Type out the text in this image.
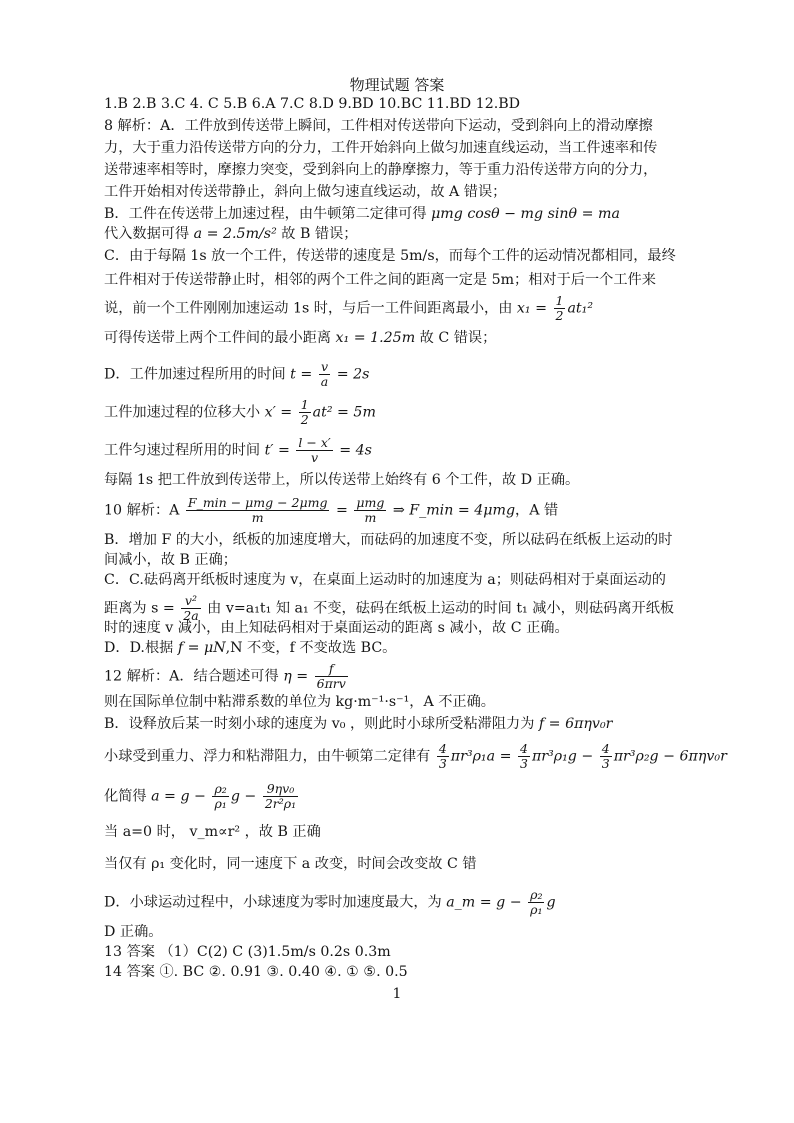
物理试题 答案
1.B 2.B 3.C 4. C 5.B 6.A 7.C 8.D 9.BD 10.BC 11.BD 12.BD
8 解析：A．工件放到传送带上瞬间，工件相对传送带向下运动，受到斜向上的滑动摩擦
力，大于重力沿传送带方向的分力，工件开始斜向上做匀加速直线运动，当工件速率和传
送带速率相等时，摩擦力突变，受到斜向上的静摩擦力，等于重力沿传送带方向的分力，
工件开始相对传送带静止，斜向上做匀速直线运动，故 A 错误；
B．工件在传送带上加速过程，由牛顿第二定律可得 μmg cosθ − mg sinθ = ma
代入数据可得 a = 2.5m/s² 故 B 错误；
C．由于每隔 1s 放一个工件，传送带的速度是 5m/s，而每个工件的运动情况都相同，最终
工件相对于传送带静止时，相邻的两个工件之间的距离一定是 5m；相对于后一个工件来
说，前一个工件刚刚加速运动 1s 时，与后一工件间距离最小，由 $x_1 = \frac{1}{2} at_1^2$
可得传送带上两个工件间的最小距离 x₁ = 1.25m 故 C 错误；
D．工件加速过程所用的时间 $t = \frac{v}{a} = 2s$
工件加速过程的位移大小 $x' = \frac{1}{2} at^2 = 5m$
工件匀速过程所用的时间 $t' = \frac{l - x'}{v} = 4s$
每隔 1s 把工件放到传送带上，所以传送带上始终有 6 个工件，故 D 正确。
10 解析：A $\frac{\text{F\_min − μmg − 2μmg}}{m} = \frac{\text{μmg}}{m}$ ⇒ F_min = 4μmg，A 错
B．增加 F 的大小，纸板的加速度增大，而砝码的加速度不变，所以砝码在纸板上运动的时
间减小，故 B 正确；
C．C.砝码离开纸板时速度为 v，在桌面上运动时的加速度为 a；则砝码相对于桌面运动的
距离为 $s = \frac{\text{v²}}{2a}$ 由 v=a₁t₁ 知 a₁ 不变，砝码在纸板上运动的时间 t₁ 减小，则砝码离开纸板
时的速度 v 减小，由上知砝码相对于桌面运动的距离 s 减小，故 C 正确。
D．D.根据 f = μN,N 不变，f 不变故选 BC。
12 解析：A．结合题述可得 $\eta = \frac{f}{\text{6πrv}}$
则在国际单位制中粘滞系数的单位为 kg·m⁻¹·s⁻¹，A 不正确。
B．设释放后某一时刻小球的速度为 v₀ ，则此时小球所受粘滞阻力为 f = 6πηv₀r
小球受到重力、浮力和粘滞阻力，由牛顿第二定律有 $\frac{4}{3} \pi r^3\rho_1a = \frac{4}{3} \pi r^3\rho_1g - \frac{4}{3} \pi r^3\rho_2g - 6\pi\eta v_0r$
化简得 $a = g - \frac{\text{ρ₂}}{\text{ρ₁}}$ $g - \frac{\text{9ηv₀}}{\text{2r²ρ₁}}$
当 a=0 时， v_m∝r² ，故 B 正确
当仅有 ρ₁ 变化时，同一速度下 a 改变，时间会改变故 C 错
D．小球运动过程中，小球速度为零时加速度最大，为 a_m = $g - \frac{\text{ρ₂}}{\text{ρ₁}}$ g
D 正确。
13 答案 （1）C(2) C (3)1.5m/s 0.2s 0.3m
14 答案 ①. BC ②. 0.91 ③. 0.40 ④. ① ⑤. 0.5
1
